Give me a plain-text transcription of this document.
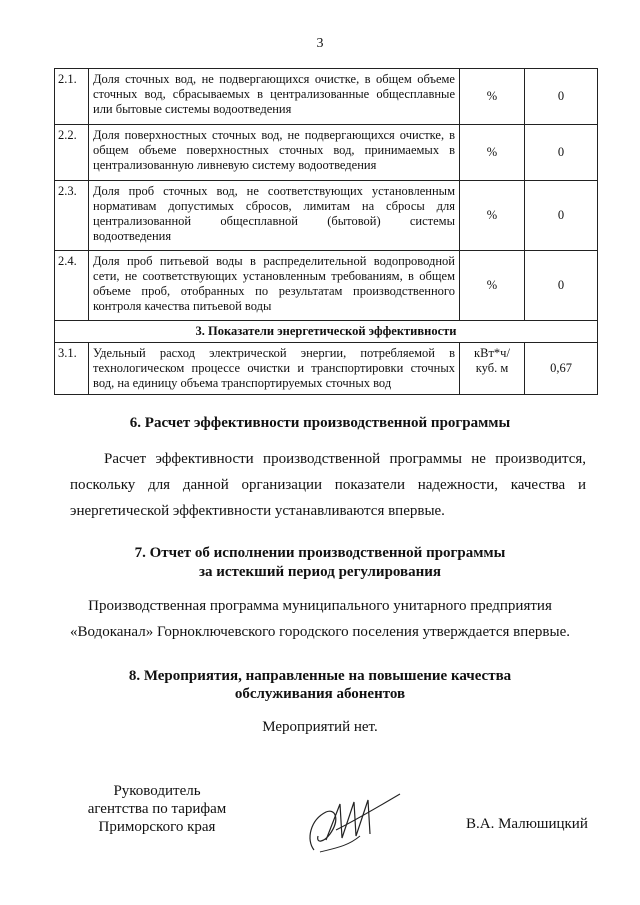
3
2.1.	Доля сточных вод, не подвергающихся очистке, в общем объеме сточных вод, сбрасываемых в централизованные общесплавные или бытовые системы водоотведения	%	0
2.2.	Доля поверхностных сточных вод, не подвергающихся очистке, в общем объеме поверхностных сточных вод, принимаемых в централизованную ливневую систему водоотведения	%	0
2.3.	Доля проб сточных вод, не соответствующих установленным нормативам допустимых сбросов, лимитам на сбросы для централизованной общесплавной (бытовой) системы водоотведения	%	0
2.4.	Доля проб питьевой воды в распределительной водопроводной сети, не соответствующих установленным требованиям, в общем объеме проб, отобранных по результатам производственного контроля качества питьевой воды	%	0
3. Показатели энергетической эффективности			
3.1.	Удельный расход электрической энергии, потребляемой в технологическом процессе очистки и транспортировки сточных вод, на единицу объема транспортируемых сточных вод	кВт*ч/
куб. м	0,67
6. Расчет эффективности производственной программы
Расчет эффективности производственной программы не производится, поскольку для данной организации показатели надежности, качества и энергетической эффективности устанавливаются впервые.
7. Отчет об исполнении производственной программы
за истекший период регулирования
Производственная программа муниципального унитарного предприятия
«Водоканал» Горноключевского городского поселения утверждается впервые.
8. Мероприятия, направленные на повышение качества
обслуживания абонентов
Мероприятий нет.
Руководитель
агентства по тарифам
Приморского края	В.А. Малюшицкий
